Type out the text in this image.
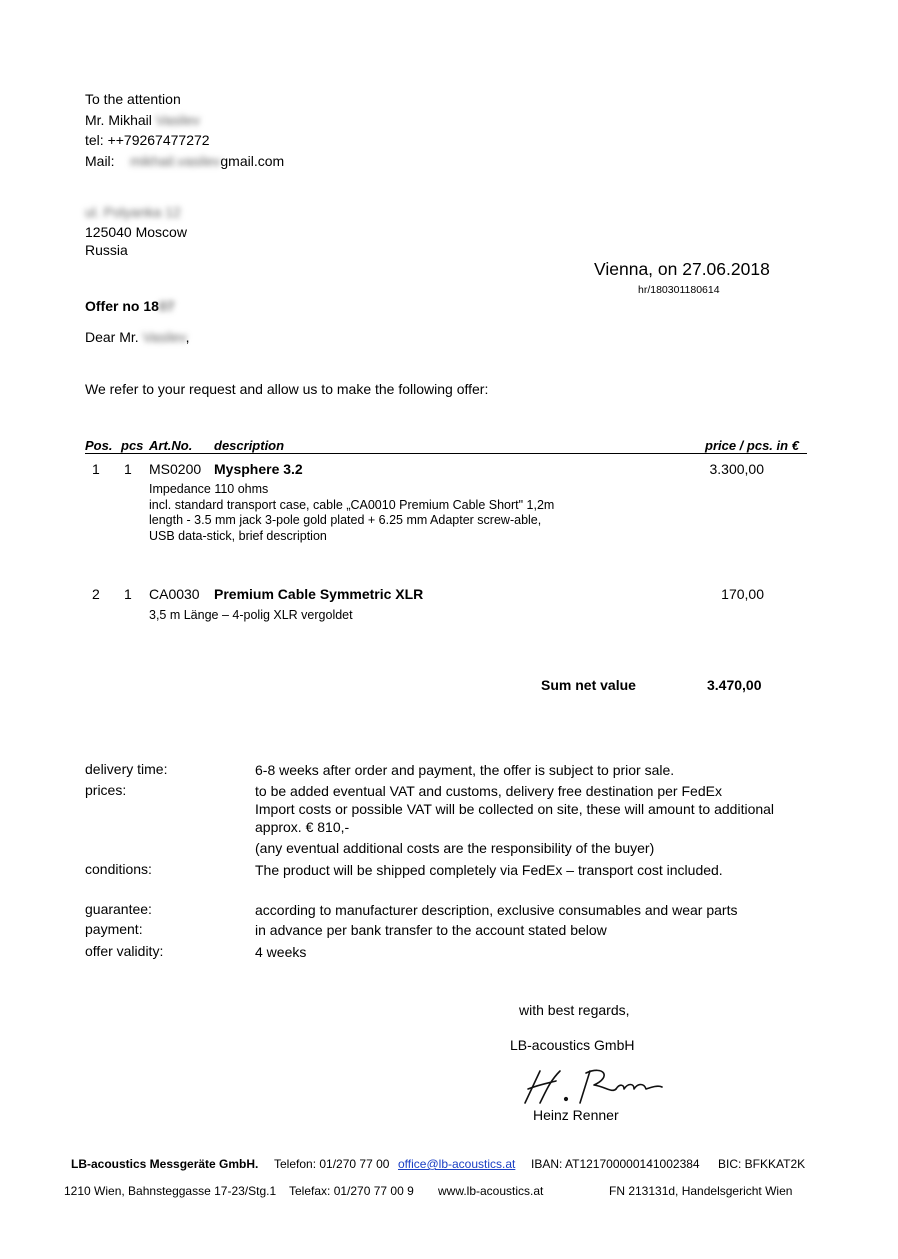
To the attention
Mr. Mikhail Vasilev
tel: ++79267477272
Mail: mikhail.vasilevgmail.com
ul. Polyanka 12
125040 Moscow
Russia
Vienna, on 27.06.2018
hr/180301180614
Offer no 1807
Dear Mr. Vasilev,
We refer to your request and allow us to make the following offer:
Pos. pcs Art.No. description	price / pcs. in €
1 1 MS0200 Mysphere 3.2	3.300,00
Impedance 110 ohms
incl. standard transport case, cable „CA0010 Premium Cable Short" 1,2m
length - 3.5 mm jack 3-pole gold plated + 6.25 mm Adapter screw-able,
USB data-stick, brief description
2 1 CA0030 Premium Cable Symmetric XLR	170,00
3,5 m Länge – 4-polig XLR vergoldet
Sum net value	3.470,00
delivery time:	6-8 weeks after order and payment, the offer is subject to prior sale.
prices:	to be added eventual VAT and customs, delivery free destination per FedEx
Import costs or possible VAT will be collected on site, these will amount to additional
approx. € 810,-
(any eventual additional costs are the responsibility of the buyer)
conditions:	The product will be shipped completely via FedEx – transport cost included.
guarantee:	according to manufacturer description, exclusive consumables and wear parts
payment:	in advance per bank transfer to the account stated below
offer validity:	4 weeks
with best regards,
LB-acoustics GmbH
Heinz Renner
LB-acoustics Messgeräte GmbH. Telefon: 01/270 77 00 office@lb-acoustics.at IBAN: AT121700000141002384 BIC: BFKKAT2K
1210 Wien, Bahnsteggasse 17-23/Stg.1 Telefax: 01/270 77 00 9 www.lb-acoustics.at	FN 213131d, Handelsgericht Wien
